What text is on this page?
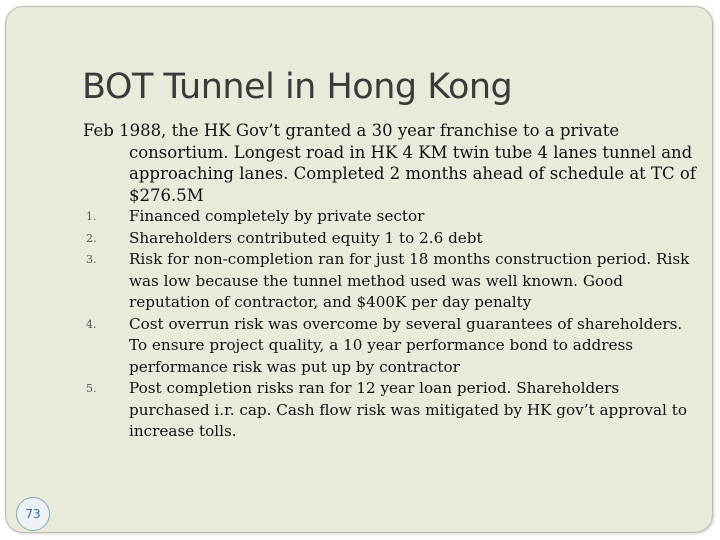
BOT Tunnel in Hong Kong

Feb 1988, the HK Gov’t granted a 30 year franchise to a private consortium. Longest road in HK 4 KM twin tube 4 lanes tunnel and approaching lanes. Completed 2 months ahead of schedule at TC of $276.5M

1. Financed completely by private sector
2. Shareholders contributed equity 1 to 2.6 debt
3. Risk for non-completion ran for just 18 months construction period. Risk was low because the tunnel method used was well known. Good reputation of contractor, and $400K per day penalty
4. Cost overrun risk was overcome by several guarantees of shareholders. To ensure project quality, a 10 year performance bond to address performance risk was put up by contractor
5. Post completion risks ran for 12 year loan period. Shareholders purchased i.r. cap. Cash flow risk was mitigated by HK gov’t approval to increase tolls.
73
